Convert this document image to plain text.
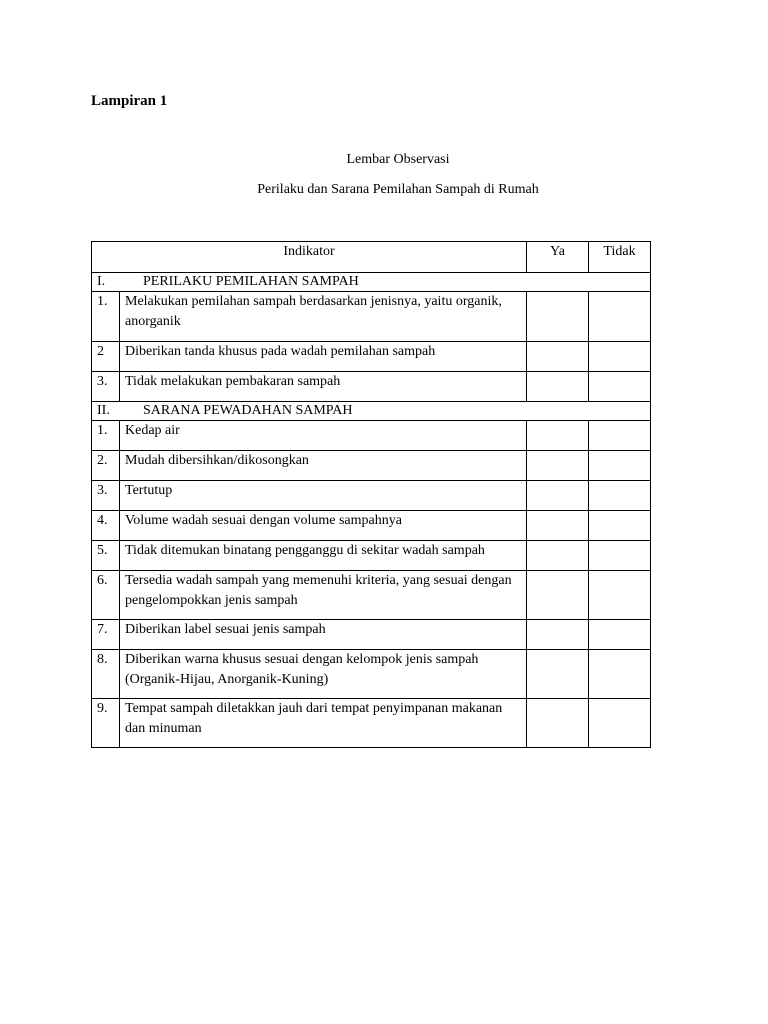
Lampiran 1

Lembar Observasi

Perilaku dan Sarana Pemilahan Sampah di Rumah

Indikator		Ya	Tidak
I. PERILAKU PEMILAHAN SAMPAH			
1.	Melakukan pemilahan sampah berdasarkan jenisnya, yaitu organik, anorganik		
2	Diberikan tanda khusus pada wadah pemilahan sampah		
3.	Tidak melakukan pembakaran sampah		
II. SARANA PEWADAHAN SAMPAH			
1.	Kedap air		
2.	Mudah dibersihkan/dikosongkan		
3.	Tertutup		
4.	Volume wadah sesuai dengan volume sampahnya		
5.	Tidak ditemukan binatang pengganggu di sekitar wadah sampah		
6.	Tersedia wadah sampah yang memenuhi kriteria, yang sesuai dengan pengelompokkan jenis sampah		
7.	Diberikan label sesuai jenis sampah		
8.	Diberikan warna khusus sesuai dengan kelompok jenis sampah (Organik-Hijau, Anorganik-Kuning)		
9.	Tempat sampah diletakkan jauh dari tempat penyimpanan makanan dan minuman		
